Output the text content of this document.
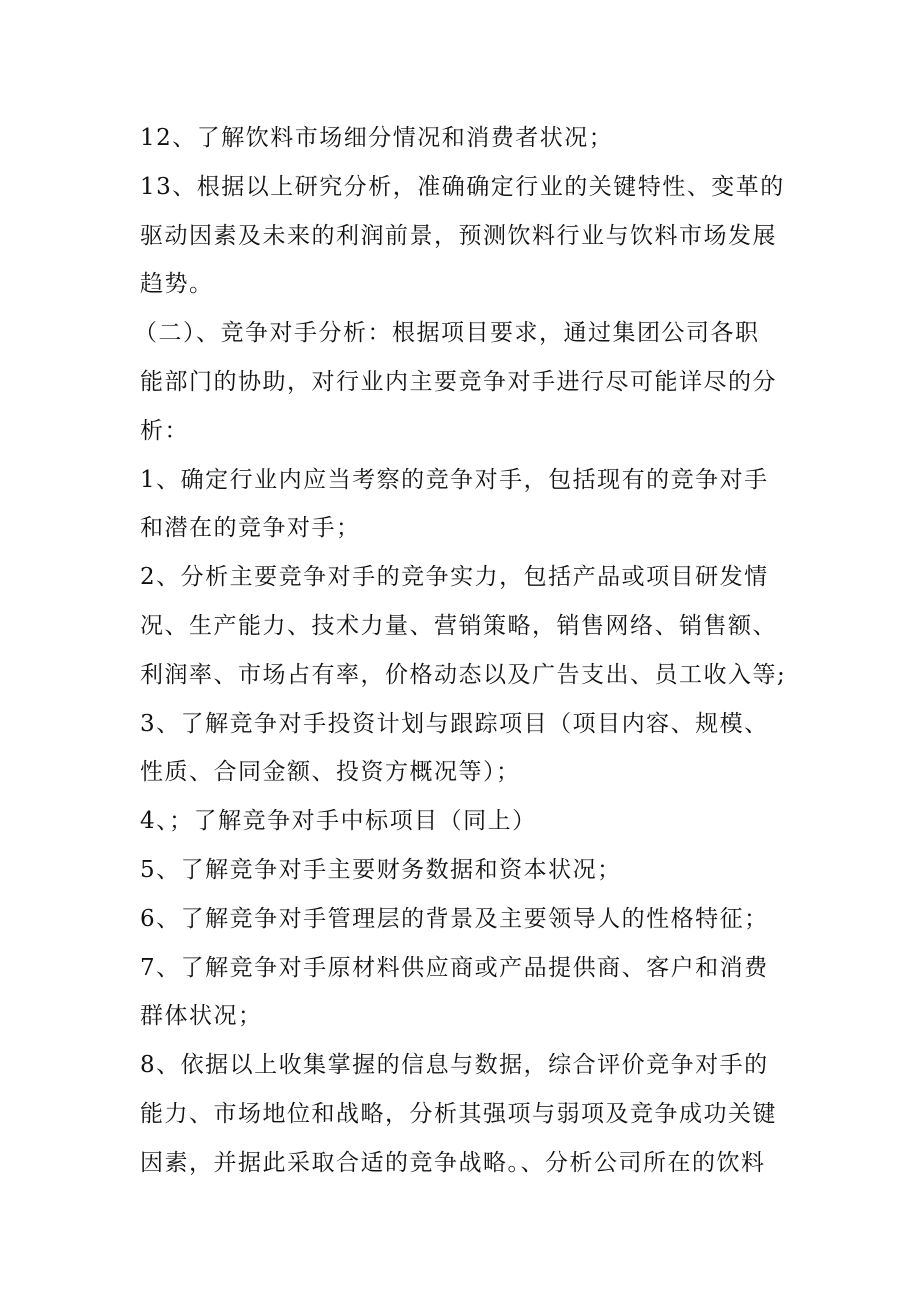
12、了解饮料市场细分情况和消费者状况；
13、根据以上研究分析，准确确定行业的关键特性、变革的
驱动因素及未来的利润前景，预测饮料行业与饮料市场发展
趋势。
（二）、竞争对手分析：根据项目要求，通过集团公司各职
能部门的协助，对行业内主要竞争对手进行尽可能详尽的分
析：
1、确定行业内应当考察的竞争对手，包括现有的竞争对手
和潜在的竞争对手；
2、分析主要竞争对手的竞争实力，包括产品或项目研发情
况、生产能力、技术力量、营销策略，销售网络、销售额、
利润率、市场占有率，价格动态以及广告支出、员工收入等;
3、了解竞争对手投资计划与跟踪项目（项目内容、规模、
性质、合同金额、投资方概况等）；
4、；了解竞争对手中标项目（同上）
5、了解竞争对手主要财务数据和资本状况；
6、了解竞争对手管理层的背景及主要领导人的性格特征；
7、了解竞争对手原材料供应商或产品提供商、客户和消费
群体状况；
8、依据以上收集掌握的信息与数据，综合评价竞争对手的
能力、市场地位和战略，分析其强项与弱项及竞争成功关键
因素，并据此采取合适的竞争战略。、分析公司所在的饮料
